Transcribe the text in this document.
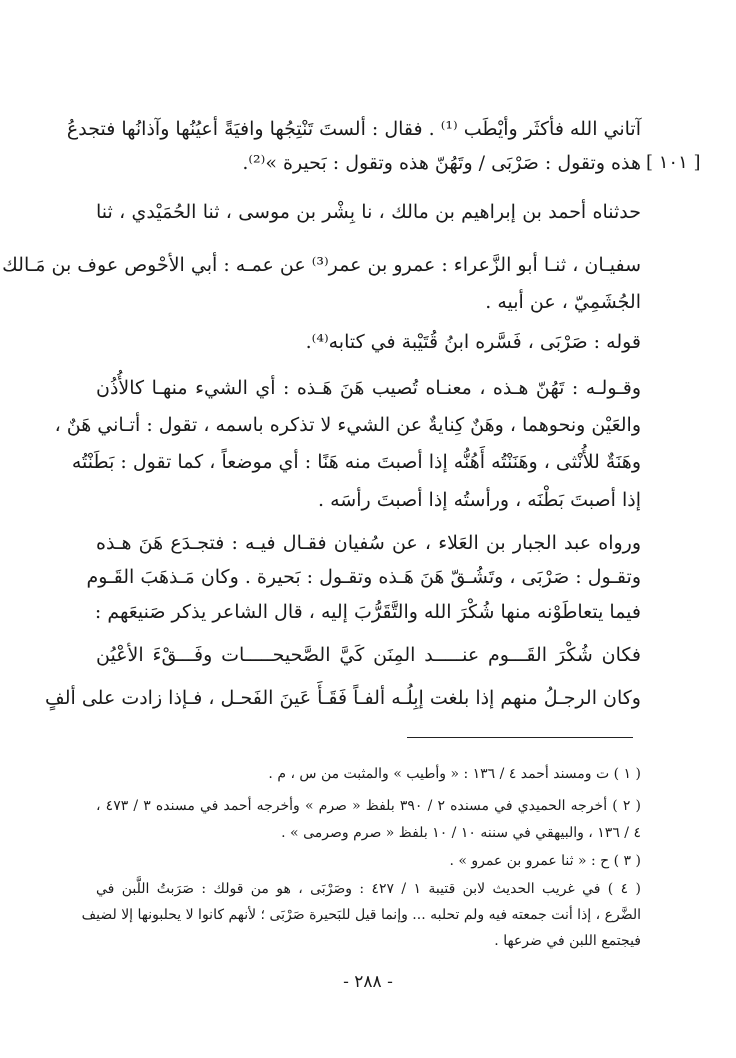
آتاني الله فأكثَر وأيْطَب ⁽¹⁾ . فقال : ألستَ تَنْتِجُها وافيَةً أعيُنُها وآذانُها فتجدعُ
هذه وتقول : صَرْبَى / وتَهُنّ هذه وتقول : بَحيرة »⁽²⁾. [ ١٠١ ]
حدثناه أحمد بن إبراهيم بن مالك ، نا بِشْر بن موسى ، ثنا الحُمَيْدي ، ثنا
سفيـان ، ثنـا أبو الزَّعراء : عمرو بن عمر⁽³⁾ عن عمـه : أبي الأحْوص عوف بن مَـالك
الجُشَمِيّ ، عن أبيه .
قوله : صَرْبَى ، فَسَّره ابنُ قُتَيْبة في كتابه⁽⁴⁾.
وقـولـه : تَهُنّ هـذه ، معنـاه تُصيب هَنَ هَـذه : أي الشيء منهـا كالأُذُن
والعَيْن ونحوهما ، وهَنٌ كِنايةٌ عن الشيء لا تذكره باسمه ، تقول : أتـاني هَنٌ ،
وهَنَةٌ للأُنْثى ، وهَنَنْتُه أَهُنُّه إذا أصبتَ منه هَنًا : أي موضعاً ، كما تقول : بَطَنْتُه
إذا أصبتَ بَطْنَه ، ورأستُه إذا أصبتَ رأسَه .
ورواه عبد الجبار بن العَلاء ، عن سُفيان فقـال فيـه : فتجـدَع هَنَ هـذه
وتقـول : صَرْبَى ، وتَشُـقّ هَنَ هَـذه وتقـول : بَحيرة . وكان مَـذهَبَ القَـوم
فيما يتعاطَوْنه منها شُكْرَ الله والتَّقَرُّبَ إليه ، قال الشاعر يذكر صَنيعَهم :
فكان شُكْرَ القَـــوم عنـــــد المِنَن كَيَّ الصَّحيحـــــات وفَـــقْءَ الأعْيُن
وكان الرجـلُ منهم إذا بلغت إبِلُـه ألفـاً فَقَـأَ عَينَ الفَحـل ، فـإذا زادت على ألفٍ
( ١ ) ت ومسند أحمد ٤ / ١٣٦ : « وأطيب » والمثبت من س ، م .
( ٢ ) أخرجه الحميدي في مسنده ٢ / ٣٩٠ بلفظ « صرم » وأخرجه أحمد في مسنده ٣ / ٤٧٣ ،
٤ / ١٣٦ ، والبيهقي في سننه ١٠ / ١٠ بلفظ « صرم وصرمى » .
( ٣ ) ح : « ثنا عمرو بن عمرو » .
( ٤ ) في غريب الحديث لابن قتيبة ١ / ٤٢٧ : وصَرْبَى ، هو من قولك : صَرَبتُ اللَّبن في
الضَّرع ، إذا أنت جمعته فيه ولم تحلبه ... وإنما قيل للبَحيرة صَرْبَى ؛ لأنهم كانوا لا يحلبونها إلا لضيف
فيجتمع اللبن في ضرعها .
- ٢٨٨ -
